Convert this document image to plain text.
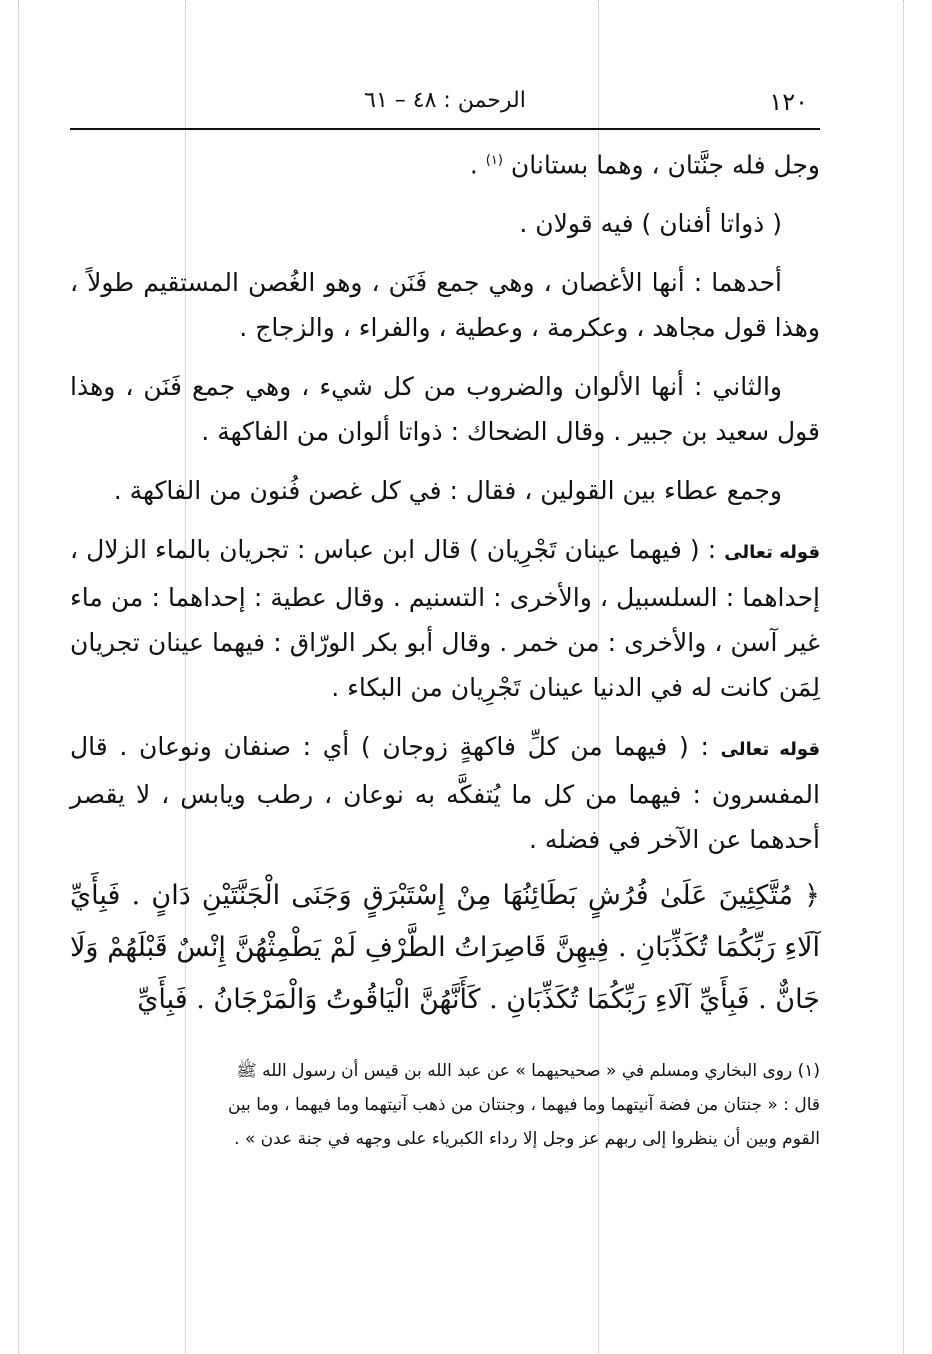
١٢٠
الرحمن : ٤٨ – ٦١

وجل فله جنَّتان ، وهما بستانان $^{(١)}$ .

( ذواتا أفنان ) فيه قولان .

أحدهما : أنها الأغصان ، وهي جمع فَنَن ، وهو الغُصن المستقيم طولاً ، وهذا قول مجاهد ، وعكرمة ، وعطية ، والفراء ، والزجاج .

والثاني : أنها الألوان والضروب من كل شيء ، وهي جمع فَنَن ، وهذا قول سعيد بن جبير . وقال الضحاك : ذواتا ألوان من الفاكهة .

وجمع عطاء بين القولين ، فقال : في كل غصن فُنون من الفاكهة .

قوله تعالى : ( فيهما عينان تَجْرِيان ) قال ابن عباس : تجريان بالماء الزلال ، إحداهما : السلسبيل ، والأخرى : التسنيم . وقال عطية : إحداهما : من ماء غير آسن ، والأخرى : من خمر . وقال أبو بكر الورّاق : فيهما عينان تجريان لِمَن كانت له في الدنيا عينان تَجْرِيان من البكاء .

قوله تعالى : ( فيهما من كلِّ فاكهةٍ زوجان ) أي : صنفان ونوعان . قال المفسرون : فيهما من كل ما يُتفكَّه به نوعان ، رطب ويابس ، لا يقصر أحدهما عن الآخر في فضله .

﴿ مُتَّكِئِينَ عَلَىٰ فُرُشٍ بَطَائِنُهَا مِنْ إِسْتَبْرَقٍ وَجَنَى الْجَنَّتَيْنِ دَانٍ . فَبِأَيِّ آلَاءِ رَبِّكُمَا تُكَذِّبَانِ . فِيهِنَّ قَاصِرَاتُ الطَّرْفِ لَمْ يَطْمِثْهُنَّ إِنْسٌ قَبْلَهُمْ وَلَا جَانٌّ . فَبِأَيِّ آلَاءِ رَبِّكُمَا تُكَذِّبَانِ . كَأَنَّهُنَّ الْيَاقُوتُ وَالْمَرْجَانُ . فَبِأَيِّ

(١) روى البخاري ومسلم في « صحيحيهما » عن عبد الله بن قيس أن رسول الله ﷺ

قال : « جنتان من فضة آنيتهما وما فيهما ، وجنتان من ذهب آنيتهما وما فيهما ، وما بين

القوم وبين أن ينظروا إلى ربهم عز وجل إلا رداء الكبرياء على وجهه في جنة عدن » .
